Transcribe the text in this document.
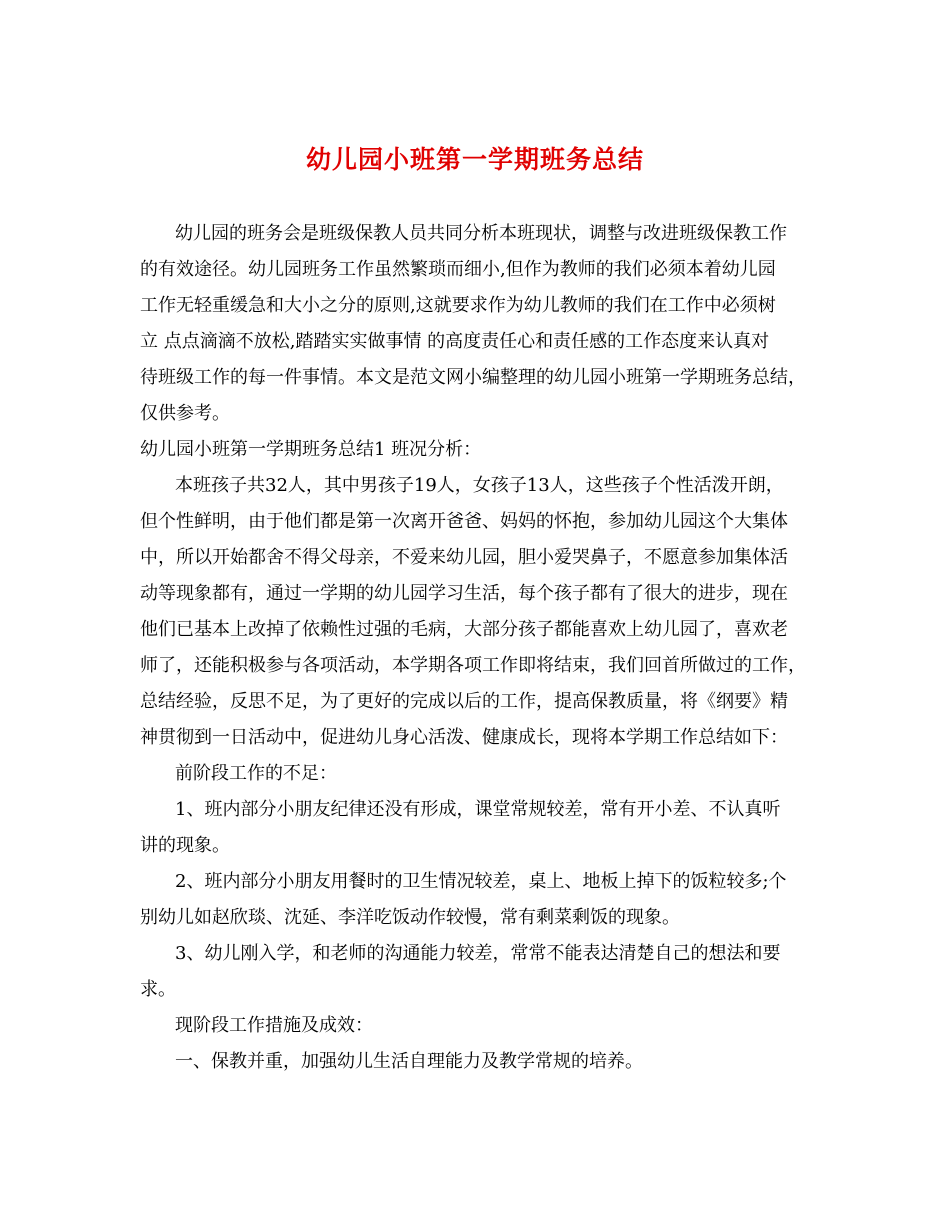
幼儿园小班第一学期班务总结
幼儿园的班务会是班级保教人员共同分析本班现状，调整与改进班级保教工作
的有效途径。幼儿园班务工作虽然繁琐而细小,但作为教师的我们必须本着幼儿园
工作无轻重缓急和大小之分的原则,这就要求作为幼儿教师的我们在工作中必须树
立 点点滴滴不放松,踏踏实实做事情 的高度责任心和责任感的工作态度来认真对
待班级工作的每一件事情。本文是范文网小编整理的幼儿园小班第一学期班务总结，
仅供参考。
幼儿园小班第一学期班务总结1 班况分析：
本班孩子共32人，其中男孩子19人，女孩子13人，这些孩子个性活泼开朗，
但个性鲜明，由于他们都是第一次离开爸爸、妈妈的怀抱，参加幼儿园这个大集体
中，所以开始都舍不得父母亲，不爱来幼儿园，胆小爱哭鼻子，不愿意参加集体活
动等现象都有，通过一学期的幼儿园学习生活，每个孩子都有了很大的进步，现在
他们已基本上改掉了依赖性过强的毛病，大部分孩子都能喜欢上幼儿园了，喜欢老
师了，还能积极参与各项活动，本学期各项工作即将结束，我们回首所做过的工作，
总结经验，反思不足，为了更好的完成以后的工作，提高保教质量，将《纲要》精
神贯彻到一日活动中，促进幼儿身心活泼、健康成长，现将本学期工作总结如下：
前阶段工作的不足：
1、班内部分小朋友纪律还没有形成，课堂常规较差，常有开小差、不认真听
讲的现象。
2、班内部分小朋友用餐时的卫生情况较差，桌上、地板上掉下的饭粒较多;个
别幼儿如赵欣琰、沈延、李洋吃饭动作较慢，常有剩菜剩饭的现象。
3、幼儿刚入学，和老师的沟通能力较差，常常不能表达清楚自己的想法和要
求。
现阶段工作措施及成效：
一、保教并重，加强幼儿生活自理能力及教学常规的培养。
